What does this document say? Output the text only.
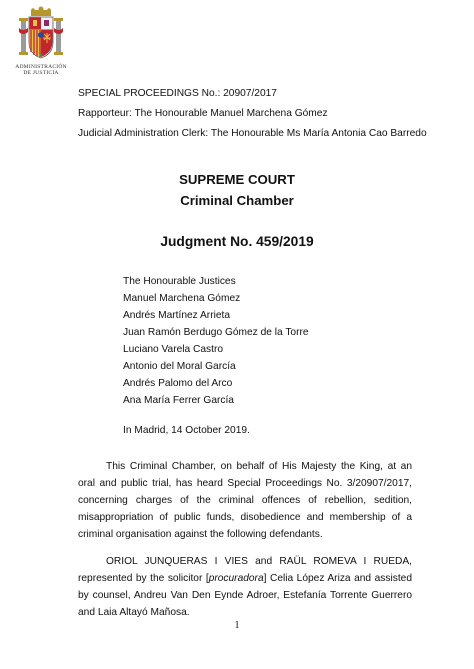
ADMINISTRACIÓN
DE JUSTICIA
SPECIAL PROCEEDINGS No.: 20907/2017
Rapporteur: The Honourable Manuel Marchena Gómez
Judicial Administration Clerk: The Honourable Ms María Antonia Cao Barredo
SUPREME COURT
Criminal Chamber
Judgment No. 459/2019
The Honourable Justices
Manuel Marchena Gómez
Andrés Martínez Arrieta
Juan Ramón Berdugo Gómez de la Torre
Luciano Varela Castro
Antonio del Moral García
Andrés Palomo del Arco
Ana María Ferrer García
In Madrid, 14 October 2019.
This Criminal Chamber, on behalf of His Majesty the King, at an oral and public trial, has heard Special Proceedings No. 3/20907/2017, concerning charges of the criminal offences of rebellion, sedition, misappropriation of public funds, disobedience and membership of a criminal organisation against the following defendants.
ORIOL JUNQUERAS I VIES and RAÜL ROMEVA I RUEDA, represented by the solicitor [procuradora] Celia López Ariza and assisted by counsel, Andreu Van Den Eynde Adroer, Estefanía Torrente Guerrero and Laia Altayó Mañosa.
1
